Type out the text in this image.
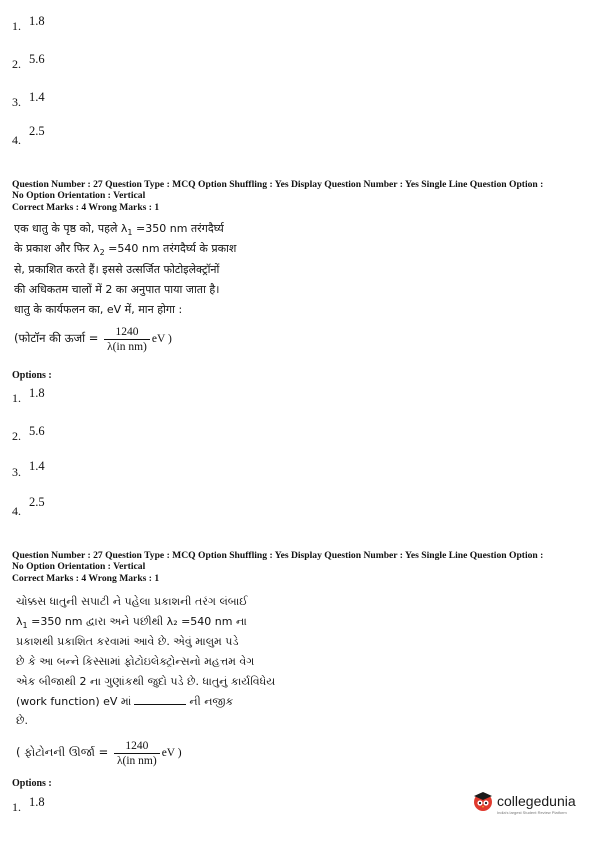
1. 1.8
2. 5.6
3. 1.4
4.
2.5
Question Number : 27 Question Type : MCQ Option Shuffling : Yes Display Question Number : Yes Single Line Question Option :
No Option Orientation : Vertical
Correct Marks : 4 Wrong Marks : 1
एक धातु के पृष्ठ को, पहले $\lambda_1 =350$ nm तरंगदैर्घ्य
के प्रकाश और फिर $\lambda_2 =540$ nm तरंगदैर्घ्य के प्रकाश
से, प्रकाशित करते हैं। इससे उत्सर्जित फोटोइलेक्ट्रॉनों
की अधिकतम चालों में 2 का अनुपात पाया जाता है।
धातु के कार्यफलन का, eV में, मान होगा :
(फोटॉन की ऊर्जा = $\frac{1240}{\text{λ(in nm)}}$ eV )
Options :
1. 1.8
2. 5.6
3. 1.4
4.
2.5
Question Number : 27 Question Type : MCQ Option Shuffling : Yes Display Question Number : Yes Single Line Question Option :
No Option Orientation : Vertical
Correct Marks : 4 Wrong Marks : 1
ચોક્કસ ધાતુની સપાટી ને પહેલા પ્રકાશની તરંગ લંબાઈ
$\lambda_1 =350$ nm દ્વારા અને પછીથી λ₂ =540 nm ના
પ્રકાશથી પ્રકાશિત કરવામાં આવે છે. એવું માલુમ પડે
છે કે આ બન્ને કિસ્સામાં ફોટોઇલેક્ટ્રોન્સનો મહત્તમ વેગ
એક બીજાથી 2 ના ગુણાંકથી જુદો પડે છે. ધાતુનું કાર્યવિધેય
(work function) eV માં	ની નજીક
છે.
( ફોટોનની ઊર્જા = $\frac{1240}{\text{λ(in nm)}}$ eV )
Options :
1. 1.8	collegedunia
India's largest Student Review Platform
